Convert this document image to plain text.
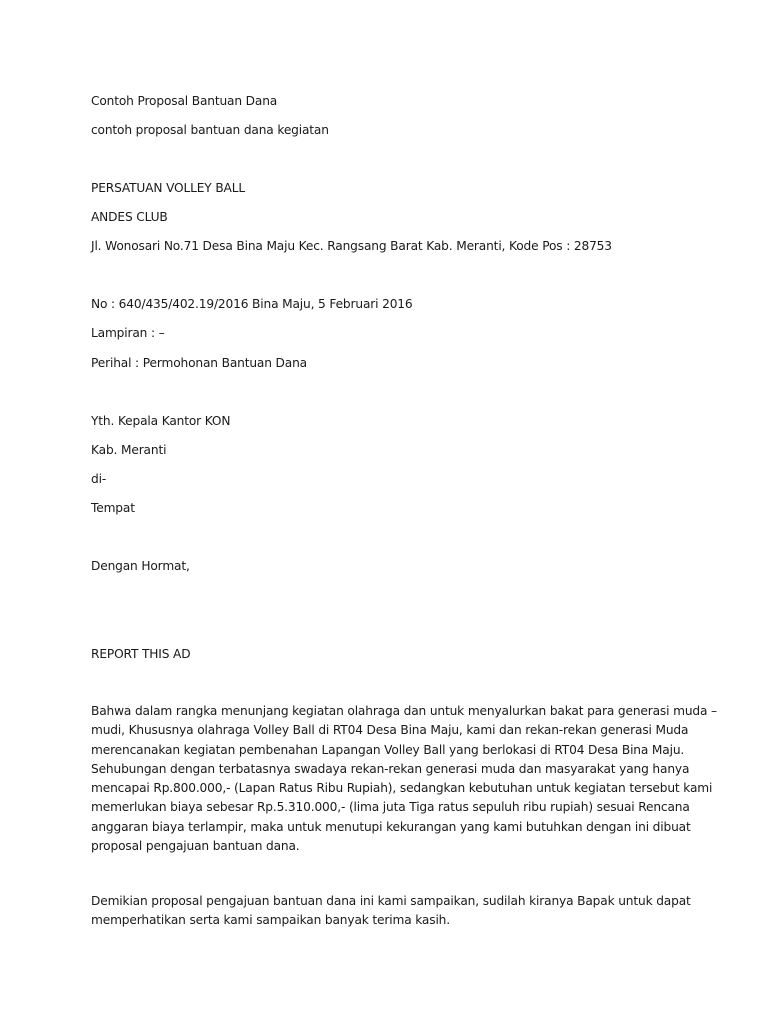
Contoh Proposal Bantuan Dana
contoh proposal bantuan dana kegiatan
PERSATUAN VOLLEY BALL
ANDES CLUB
Jl. Wonosari No.71 Desa Bina Maju Kec. Rangsang Barat Kab. Meranti, Kode Pos : 28753
No : 640/435/402.19/2016 Bina Maju, 5 Februari 2016
Lampiran : –
Perihal : Permohonan Bantuan Dana
Yth. Kepala Kantor KON
Kab. Meranti
di-
Tempat
Dengan Hormat,
REPORT THIS AD
Bahwa dalam rangka menunjang kegiatan olahraga dan untuk menyalurkan bakat para generasi muda –
mudi, Khususnya olahraga Volley Ball di RT04 Desa Bina Maju, kami dan rekan-rekan generasi Muda
merencanakan kegiatan pembenahan Lapangan Volley Ball yang berlokasi di RT04 Desa Bina Maju.
Sehubungan dengan terbatasnya swadaya rekan-rekan generasi muda dan masyarakat yang hanya
mencapai Rp.800.000,- (Lapan Ratus Ribu Rupiah), sedangkan kebutuhan untuk kegiatan tersebut kami
memerlukan biaya sebesar Rp.5.310.000,- (lima juta Tiga ratus sepuluh ribu rupiah) sesuai Rencana
anggaran biaya terlampir, maka untuk menutupi kekurangan yang kami butuhkan dengan ini dibuat
proposal pengajuan bantuan dana.
Demikian proposal pengajuan bantuan dana ini kami sampaikan, sudilah kiranya Bapak untuk dapat
memperhatikan serta kami sampaikan banyak terima kasih.
